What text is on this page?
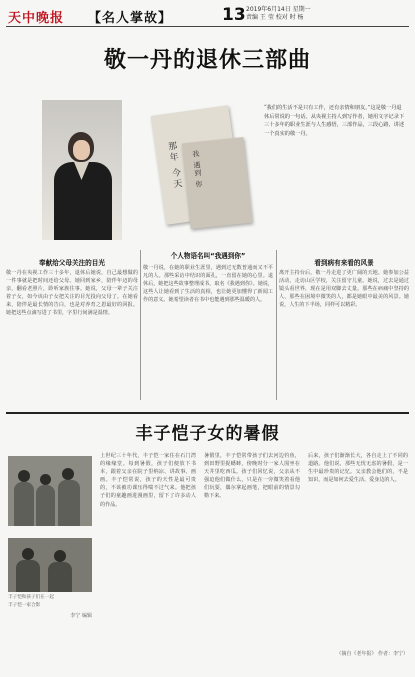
天中晚报 【名人掌故】	13 2019年6月14日 星期一
责编 王 莹 校对 时 杨
敬一丹的退休三部曲
那年 今天 我 遇到 你
“我们的生活不是只有工作，还有亲情和朋友。”这是敬一丹退休后常说的一句话。从央视主持人到写作者，她用文字记录下三十多年的职业生涯与人生感悟，三部作品，三段心路，讲述一个真实的敬一丹。
奉献给父母关注的目光
敬一丹在央视工作三十多年，退休后她说，自己最想做的一件事就是把时间还给父母。她回到家乡，陪伴年迈的母亲，翻看老照片，聆听家族往事。她说，父母一辈子关注着子女，如今该由子女把关注的目光投向父母了。在她看来，陪伴是最长情的告白，也是对养育之恩最好的回报。她把这些点滴写进了书里，字里行间满是温情。
个人物语名叫“我遇到你”
敬一丹说，在她的职业生涯里，遇到过无数普通而又不平凡的人。那些采访中结识的面孔，一直留在她的心里。退休后，她把这些故事整理成书，取名《我遇到你》。她说，这些人让她看到了生活的真相，也让她更加懂得了新闻工作的意义。她希望读者在书中也能遇到那些温暖的人。
看到病有来看的风景
离开主持台后，敬一丹走进了更广阔的天地。她参加公益活动，走访山区学校，关注留守儿童。她说，过去是通过镜头看世界，现在是用双脚去丈量。那些在病痛中坚持的人，那些在困境中微笑的人，都是她眼中最美的风景。她说，人生的下半场，同样可以精彩。
丰子恺子女的暑假
丰子恺和孩子们在一起
丰子恺一家合影
李宁 编辑
上世纪三十年代，丰子恺一家住在石门湾的缘缘堂。每到暑假，孩子们便放下书本，跟着父亲在院子里纳凉、讲故事、画画。丰子恺常说，孩子的天性是最可贵的，不该被功课压得喘不过气来。他把孩子们的童趣画进漫画里，留下了许多动人的作品。
暑假里，丰子恺常带孩子们去河边钓鱼，到田野里捉蟋蟀，傍晚时分一家人围坐在天井里吃西瓜。孩子们回忆说，父亲从不强迫他们做什么，只是在一旁微笑着看他们玩耍，偶尔拿起画笔，把眼前的情景勾勒下来。
后来，孩子们渐渐长大，各自走上了不同的道路。他们说，那些无忧无虑的暑假，是一生中最珍贵的记忆。父亲教会他们的，不是知识，而是如何去爱生活、爱身边的人。
（摘自《老年报》 作者：李宁）
